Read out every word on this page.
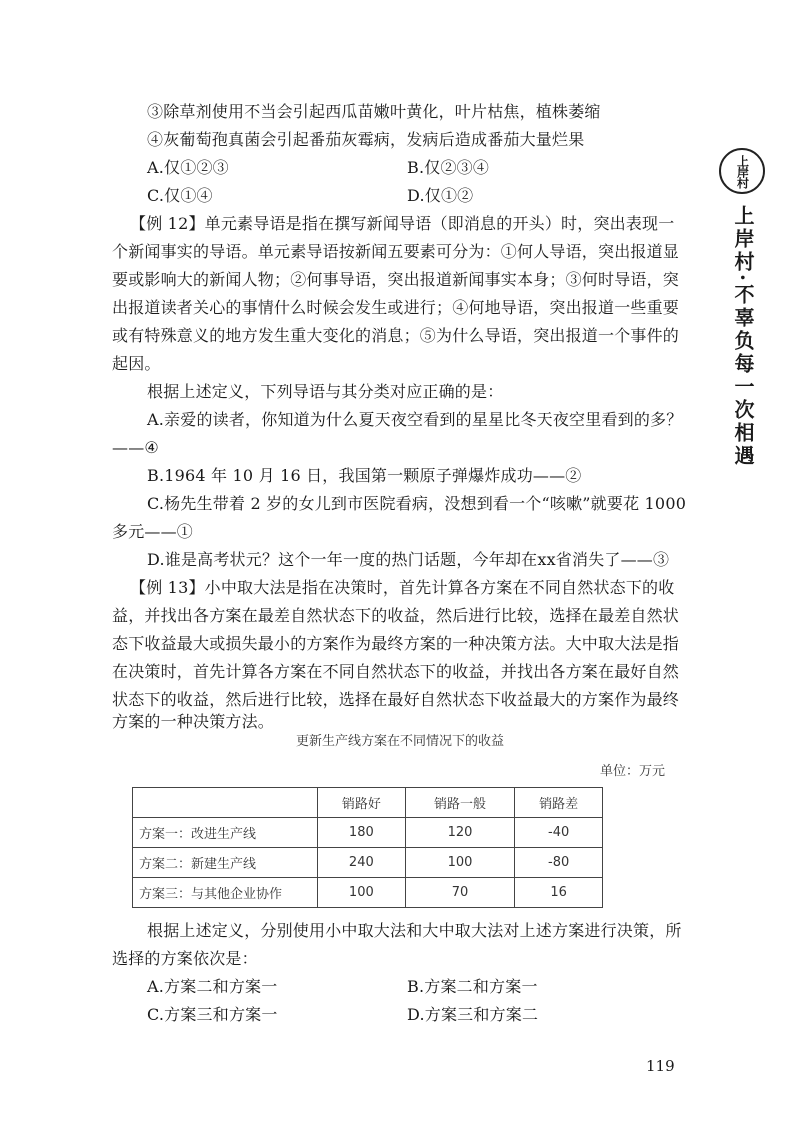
③除草剂使用不当会引起西瓜苗嫩叶黄化，叶片枯焦，植株萎缩
④灰葡萄孢真菌会引起番茄灰霉病，发病后造成番茄大量烂果
A.仅①②③	B.仅②③④
C.仅①④	D.仅①②
【例 12】单元素导语是指在撰写新闻导语（即消息的开头）时，突出表现一
个新闻事实的导语。单元素导语按新闻五要素可分为：①何人导语，突出报道显
要或影响大的新闻人物；②何事导语，突出报道新闻事实本身；③何时导语，突
出报道读者关心的事情什么时候会发生或进行；④何地导语，突出报道一些重要
或有特殊意义的地方发生重大变化的消息；⑤为什么导语，突出报道一个事件的
起因。
根据上述定义，下列导语与其分类对应正确的是：
A.亲爱的读者，你知道为什么夏天夜空看到的星星比冬天夜空里看到的多？
——④
B.1964 年 10 月 16 日，我国第一颗原子弹爆炸成功——②
C.杨先生带着 2 岁的女儿到市医院看病，没想到看一个“咳嗽”就要花 1000
多元——①
D.谁是高考状元？这个一年一度的热门话题，今年却在xx省消失了——③
【例 13】小中取大法是指在决策时，首先计算各方案在不同自然状态下的收
益，并找出各方案在最差自然状态下的收益，然后进行比较，选择在最差自然状
态下收益最大或损失最小的方案作为最终方案的一种决策方法。大中取大法是指
在决策时，首先计算各方案在不同自然状态下的收益，并找出各方案在最好自然
状态下的收益，然后进行比较，选择在最好自然状态下收益最大的方案作为最终
方案的一种决策方法。
更新生产线方案在不同情况下的收益
单位：万元
	销路好	销路一般	销路差
方案一：改进生产线	180	120	-40
方案二：新建生产线	240	100	-80
方案三：与其他企业协作	100	70	16
根据上述定义，分别使用小中取大法和大中取大法对上述方案进行决策，所
选择的方案依次是：
A.方案二和方案一	B.方案二和方案一
C.方案三和方案一	D.方案三和方案二
上岸村
上岸村·不辜负每一次相遇
119
